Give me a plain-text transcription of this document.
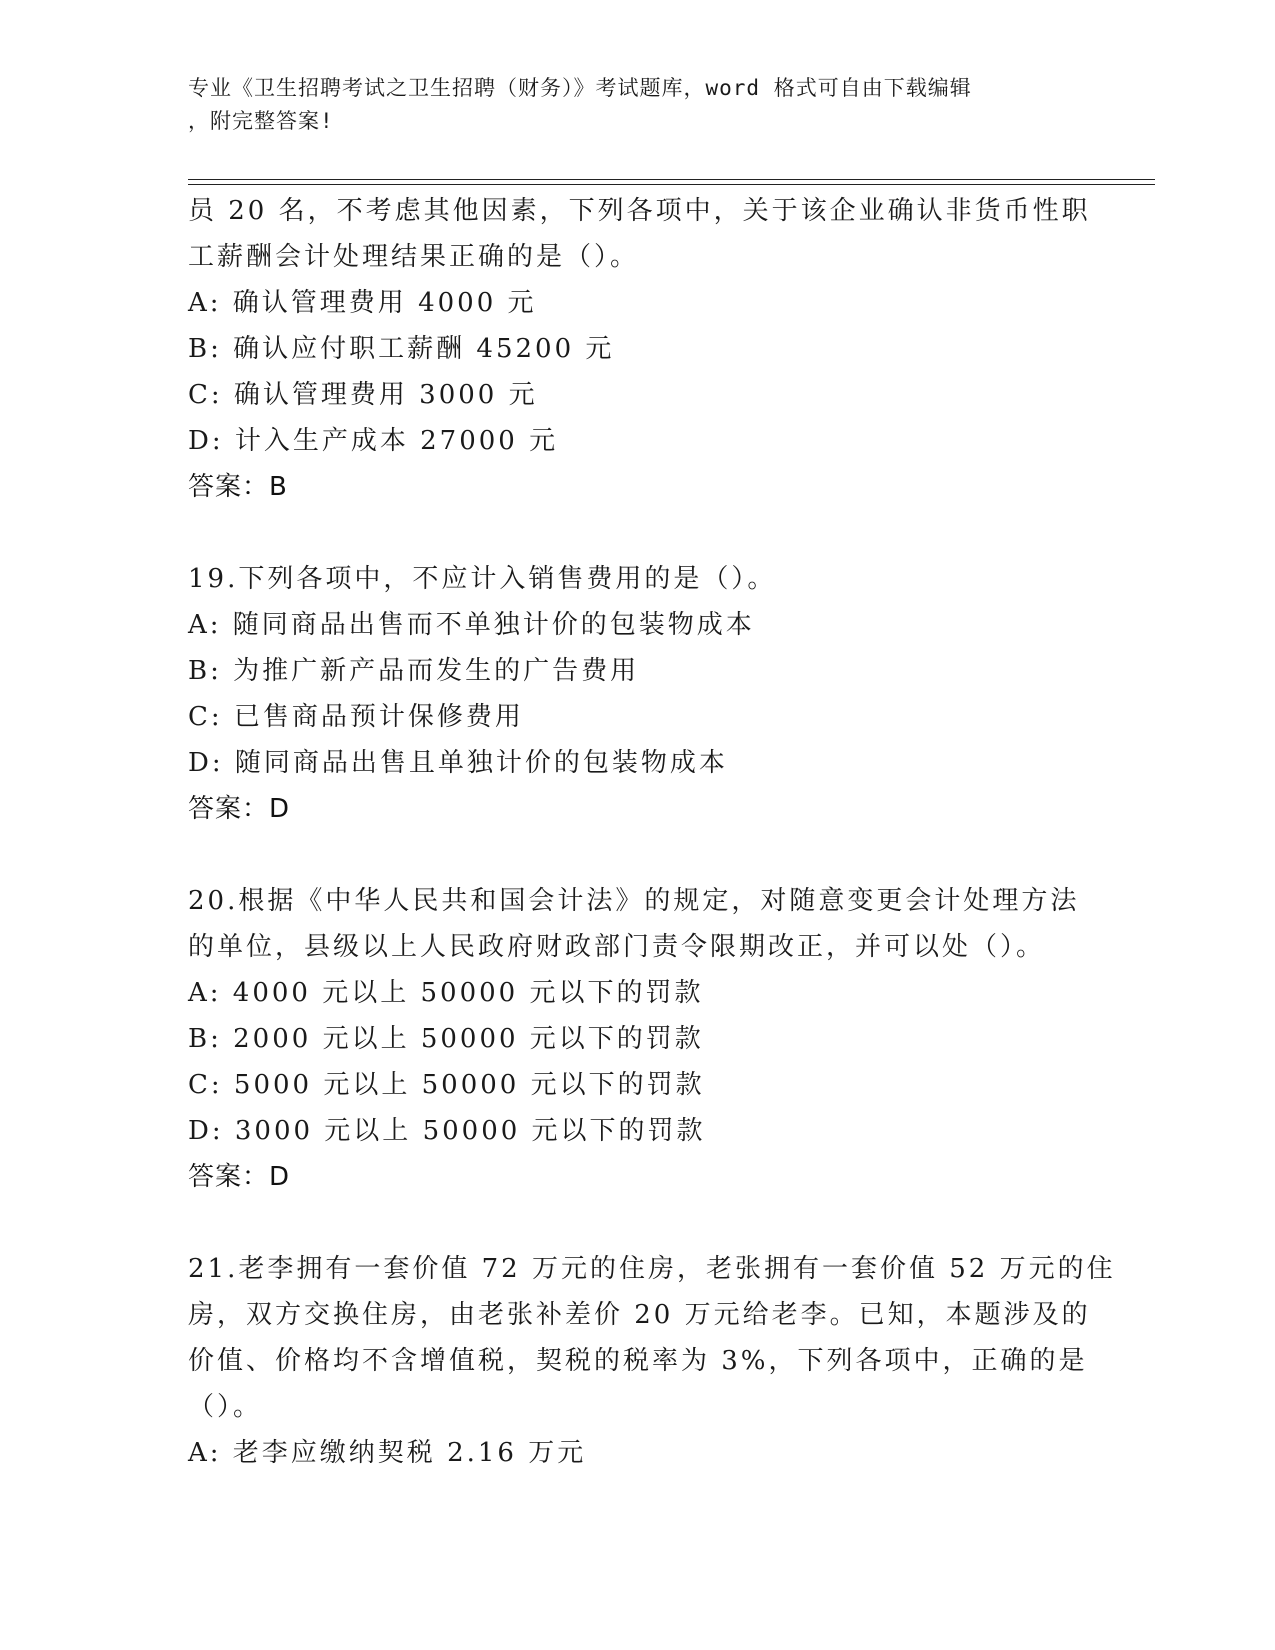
专业《卫生招聘考试之卫生招聘（财务）》考试题库，word 格式可自由下载编辑
，附完整答案!
员 20 名，不考虑其他因素，下列各项中，关于该企业确认非货币性职
工薪酬会计处理结果正确的是（）。
A: 确认管理费用 4000 元
B: 确认应付职工薪酬 45200 元
C: 确认管理费用 3000 元
D: 计入生产成本 27000 元
答案：B
19.下列各项中，不应计入销售费用的是（）。
A: 随同商品出售而不单独计价的包装物成本
B: 为推广新产品而发生的广告费用
C: 已售商品预计保修费用
D: 随同商品出售且单独计价的包装物成本
答案：D
20.根据《中华人民共和国会计法》的规定，对随意变更会计处理方法
的单位，县级以上人民政府财政部门责令限期改正，并可以处（）。
A: 4000 元以上 50000 元以下的罚款
B: 2000 元以上 50000 元以下的罚款
C: 5000 元以上 50000 元以下的罚款
D: 3000 元以上 50000 元以下的罚款
答案：D
21.老李拥有一套价值 72 万元的住房，老张拥有一套价值 52 万元的住
房，双方交换住房，由老张补差价 20 万元给老李。已知，本题涉及的
价值、价格均不含增值税，契税的税率为 3%，下列各项中，正确的是
（）。
A: 老李应缴纳契税 2.16 万元
